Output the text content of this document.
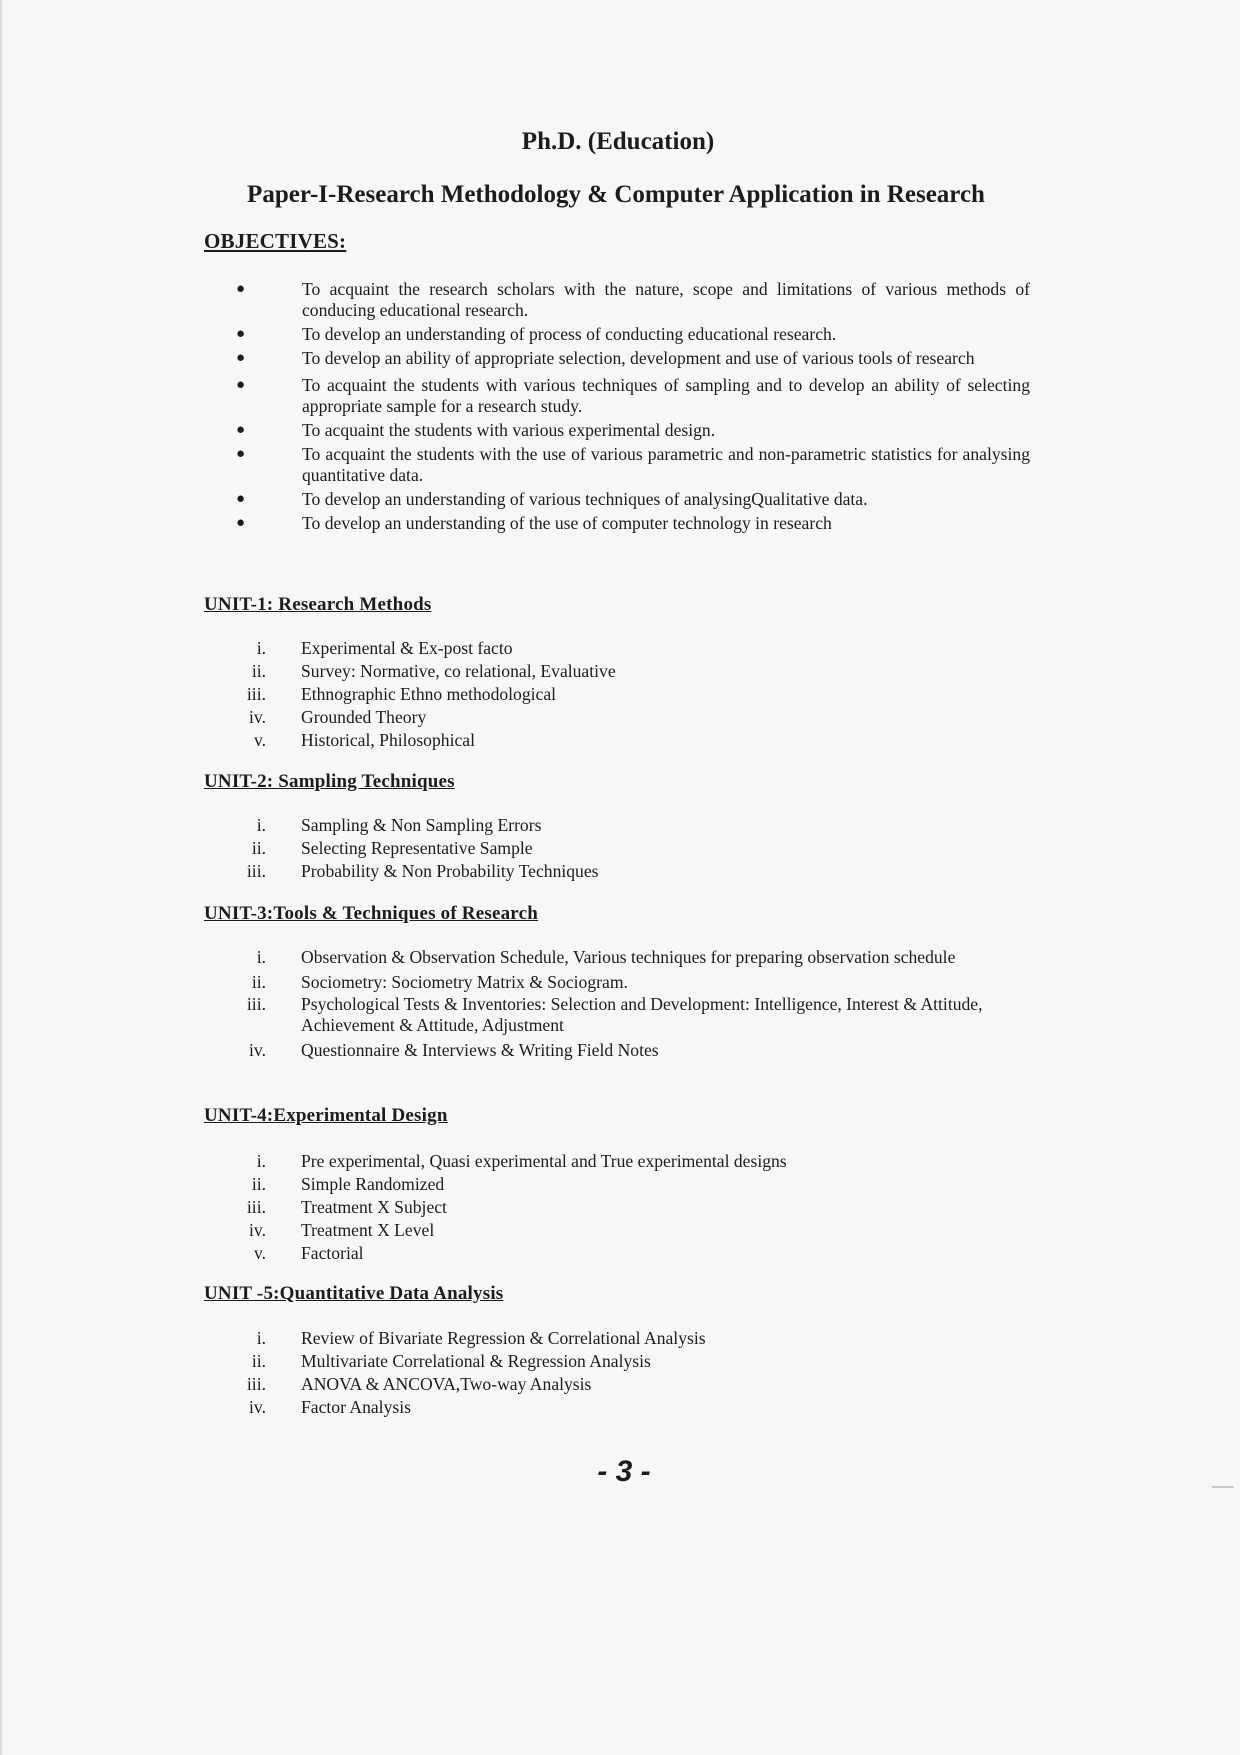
Ph.D. (Education)
Paper-I-Research Methodology & Computer Application in Research
OBJECTIVES:
●	To acquaint the research scholars with the nature, scope and limitations of various methods of conducing educational research.
●	To develop an understanding of process of conducting educational research.
●	To develop an ability of appropriate selection, development and use of various tools of research
●	To acquaint the students with various techniques of sampling and to develop an ability of selecting appropriate sample for a research study.
●	To acquaint the students with various experimental design.
●	To acquaint the students with the use of various parametric and non-parametric statistics for analysing quantitative data.
●	To develop an understanding of various techniques of analysingQualitative data.
●	To develop an understanding of the use of computer technology in research
UNIT-1: Research Methods
i. Experimental & Ex-post facto
ii. Survey: Normative, co relational, Evaluative
iii. Ethnographic Ethno methodological
iv. Grounded Theory
v. Historical, Philosophical
UNIT-2: Sampling Techniques
i. Sampling & Non Sampling Errors
ii. Selecting Representative Sample
iii. Probability & Non Probability Techniques
UNIT-3:Tools & Techniques of Research
i. Observation & Observation Schedule, Various techniques for preparing observation schedule
ii. Sociometry: Sociometry Matrix & Sociogram.
iii. Psychological Tests & Inventories: Selection and Development: Intelligence, Interest & Attitude, Achievement & Attitude, Adjustment
iv. Questionnaire & Interviews & Writing Field Notes
UNIT-4:Experimental Design
i. Pre experimental, Quasi experimental and True experimental designs
ii. Simple Randomized
iii. Treatment X Subject
iv. Treatment X Level
v. Factorial
UNIT -5:Quantitative Data Analysis
i. Review of Bivariate Regression & Correlational Analysis
ii. Multivariate Correlational & Regression Analysis
iii. ANOVA & ANCOVA,Two-way Analysis
iv. Factor Analysis
- 3 -
